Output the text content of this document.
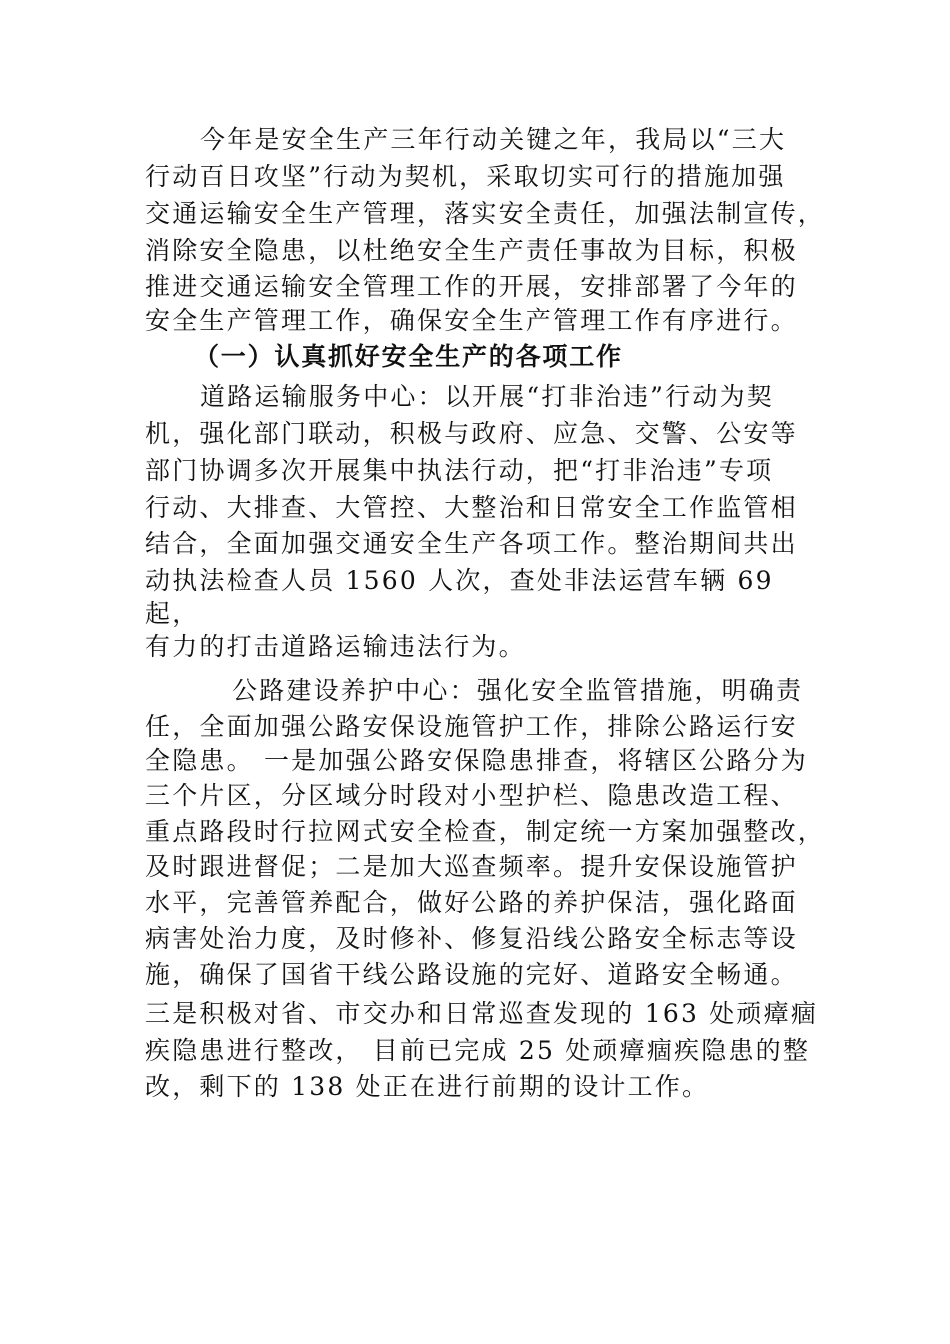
今年是安全生产三年行动关键之年，我局以“三大
行动百日攻坚”行动为契机，采取切实可行的措施加强
交通运输安全生产管理，落实安全责任，加强法制宣传，
消除安全隐患，以杜绝安全生产责任事故为目标，积极
推进交通运输安全管理工作的开展，安排部署了今年的
安全生产管理工作，确保安全生产管理工作有序进行。
（一）认真抓好安全生产的各项工作
道路运输服务中心：以开展“打非治违”行动为契
机，强化部门联动，积极与政府、应急、交警、公安等
部门协调多次开展集中执法行动，把“打非治违”专项
行动、大排查、大管控、大整治和日常安全工作监管相
结合，全面加强交通安全生产各项工作。整治期间共出
动执法检查人员 1560 人次，查处非法运营车辆 69
起，
有力的打击道路运输违法行为。
公路建设养护中心：强化安全监管措施，明确责
任，全面加强公路安保设施管护工作，排除公路运行安
全隐患。 一是加强公路安保隐患排查，将辖区公路分为
三个片区，分区域分时段对小型护栏、隐患改造工程、
重点路段时行拉网式安全检查，制定统一方案加强整改，
及时跟进督促；二是加大巡查频率。提升安保设施管护
水平，完善管养配合，做好公路的养护保洁，强化路面
病害处治力度，及时修补、修复沿线公路安全标志等设
施，确保了国省干线公路设施的完好、道路安全畅通。
三是积极对省、市交办和日常巡查发现的 163 处顽瘴痼
疾隐患进行整改， 目前已完成 25 处顽瘴痼疾隐患的整
改，剩下的 138 处正在进行前期的设计工作。
